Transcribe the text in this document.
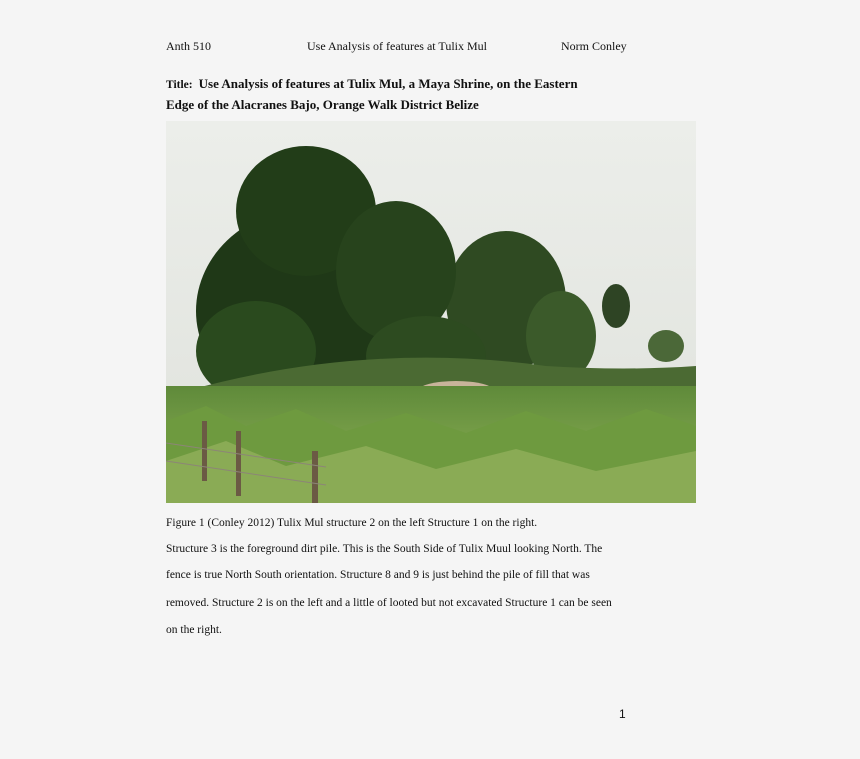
Anth 510	Use Analysis of features at Tulix Mul	Norm Conley
Title: Use Analysis of features at Tulix Mul, a Maya Shrine, on the Eastern
Edge of the Alacranes Bajo, Orange Walk District Belize
Figure 1 (Conley 2012) Tulix Mul structure 2 on the left Structure 1 on the right.
Structure 3 is the foreground dirt pile. This is the South Side of Tulix Muul looking North. The
fence is true North South orientation. Structure 8 and 9 is just behind the pile of fill that was
removed. Structure 2 is on the left and a little of looted but not excavated Structure 1 can be seen
on the right.
1
